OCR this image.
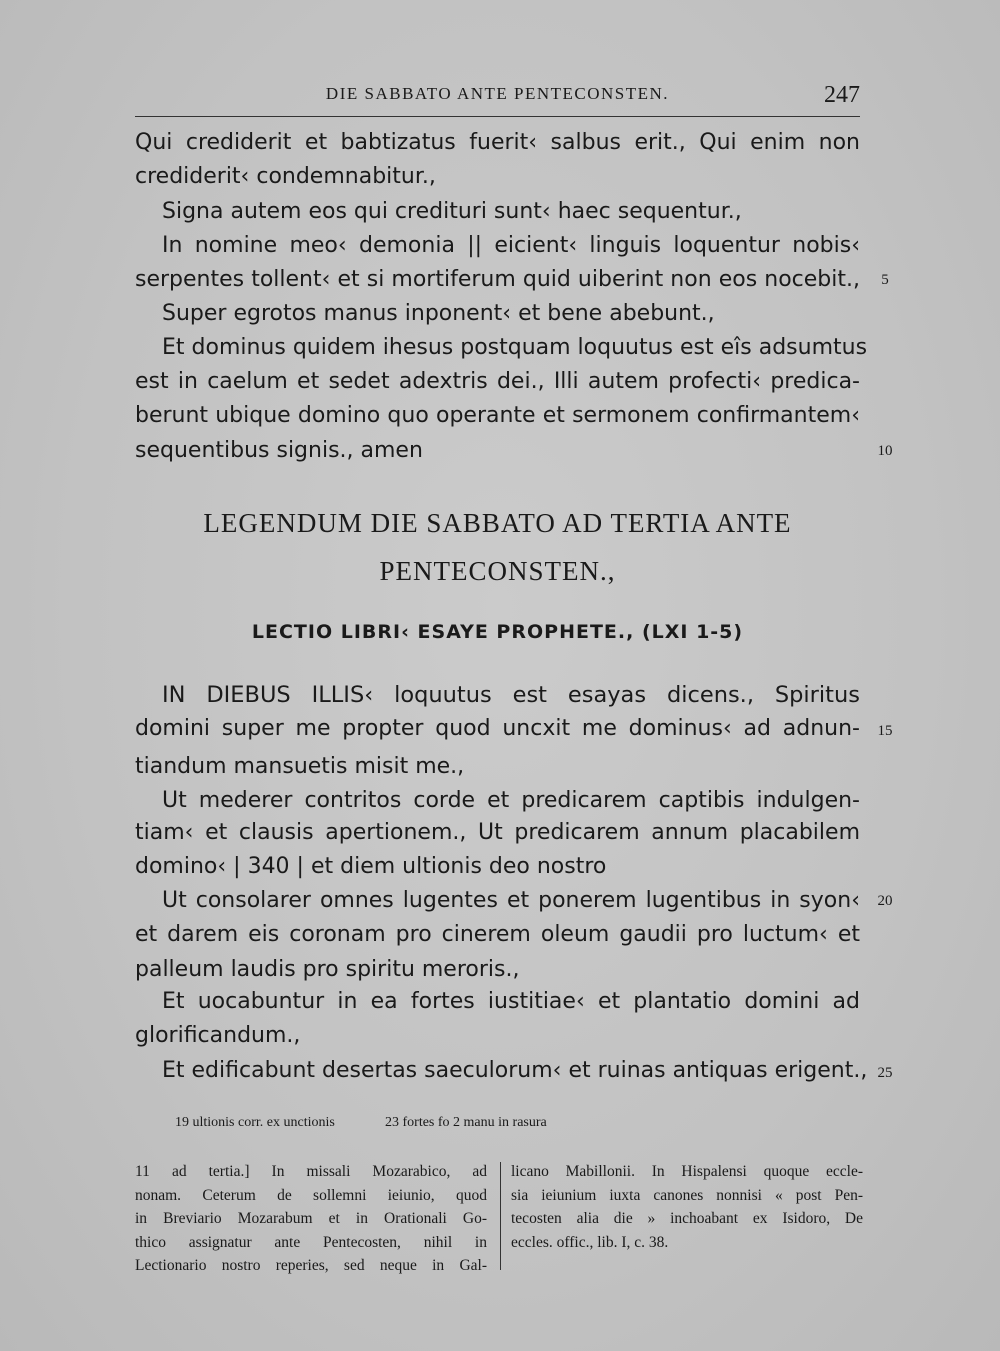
DIE SABBATO ANTE PENTECONSTEN.	247
Qui crediderit et babtizatus fuerit‹ salbus erit., Qui enim non
crediderit‹ condemnabitur.,
Signa autem eos qui credituri sunt‹ haec sequentur.,
In nomine meo‹ demonia || eicient‹ linguis loquentur nobis‹
serpentes tollent‹ et si mortiferum quid uiberint non eos nocebit.,	5
Super egrotos manus inponent‹ et bene abebunt.,
Et dominus quidem ihesus postquam loquutus est eîs adsumtus
est in caelum et sedet adextris dei., Illi autem profecti‹ predica-
berunt ubique domino quo operante et sermonem confirmantem‹
sequentibus signis., amen	10
LEGENDUM DIE SABBATO AD TERTIA ANTE
PENTECONSTEN.,
LECTIO LIBRI‹ ESAYE PROPHETE., (LXI 1-5)
IN DIEBUS ILLIS‹ loquutus est esayas dicens., Spiritus
domini super me propter quod uncxit me dominus‹ ad adnun-	15
tiandum mansuetis misit me.,
Ut mederer contritos corde et predicarem captibis indulgen-
tiam‹ et clausis apertionem., Ut predicarem annum placabilem
domino‹ | 340 | et diem ultionis deo nostro
Ut consolarer omnes lugentes et ponerem lugentibus in syon‹	20
et darem eis coronam pro cinerem oleum gaudii pro luctum‹ et
palleum laudis pro spiritu meroris.,
Et uocabuntur in ea fortes iustitiae‹ et plantatio domini ad
glorificandum.,
Et edificabunt desertas saeculorum‹ et ruinas antiquas erigent., 25
19 ultionis corr. ex unctionis	23 fortes fo 2 manu in rasura
11 ad tertia.] In missali Mozarabico, ad
nonam. Ceterum de sollemni ieiunio, quod
in Breviario Mozarabum et in Orationali Go-
thico assignatur ante Pentecosten, nihil in
Lectionario nostro reperies, sed neque in Gal-
licano Mabillonii. In Hispalensi quoque eccle-
sia ieiunium iuxta canones nonnisi « post Pen-
tecosten alia die » inchoabant ex Isidoro, De
eccles. offic., lib. I, c. 38.
